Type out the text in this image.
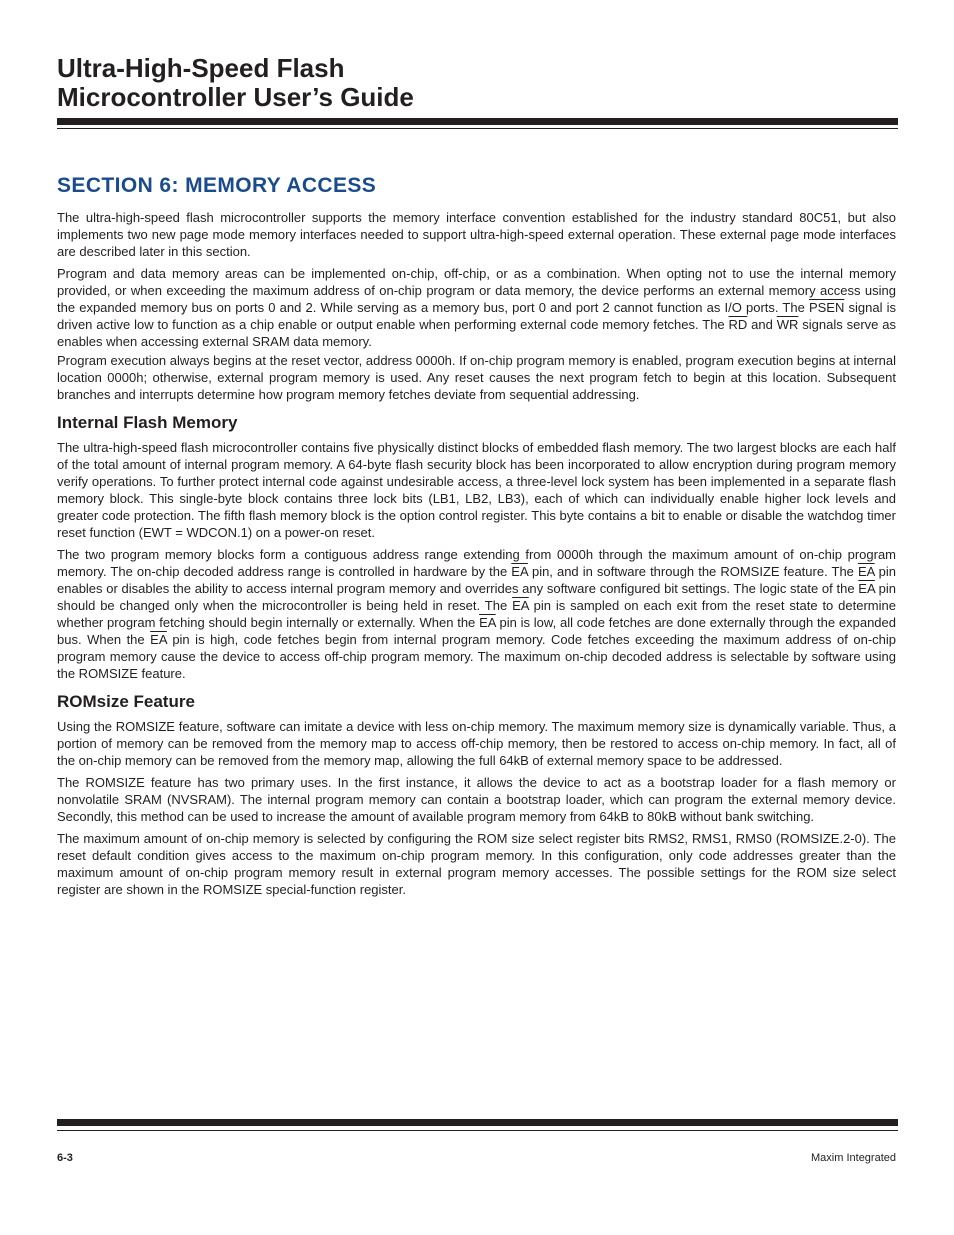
Ultra-High-Speed Flash
Microcontroller User’s Guide
SECTION 6: MEMORY ACCESS

The ultra-high-speed flash microcontroller supports the memory interface convention established for the industry standard 80C51, but also implements two new page mode memory interfaces needed to support ultra-high-speed external operation. These external page mode interfaces are described later in this section.

Program and data memory areas can be implemented on-chip, off-chip, or as a combination. When opting not to use the internal memory provided, or when exceeding the maximum address of on-chip program or data memory, the device performs an external memory access using the expanded memory bus on ports 0 and 2. While serving as a memory bus, port 0 and port 2 cannot function as I/O ports. The PSEN signal is driven active low to function as a chip enable or output enable when performing external code memory fetches. The $\overline{RD}$ and $\overline{WR}$ signals serve as enables when accessing external SRAM data memory.

Program execution always begins at the reset vector, address 0000h. If on-chip program memory is enabled, program execution begins at internal location 0000h; otherwise, external program memory is used. Any reset causes the next program fetch to begin at this location. Subsequent branches and interrupts determine how program memory fetches deviate from sequential addressing.

Internal Flash Memory

The ultra-high-speed flash microcontroller contains five physically distinct blocks of embedded flash memory. The two largest blocks are each half of the total amount of internal program memory. A 64-byte flash security block has been incorporated to allow encryption during program memory verify operations. To further protect internal code against undesirable access, a three-level lock system has been implemented in a separate flash memory block. This single-byte block contains three lock bits (LB1, LB2, LB3), each of which can individually enable higher lock levels and greater code protection. The fifth flash memory block is the option control register. This byte contains a bit to enable or disable the watchdog timer reset function (EWT = WDCON.1) on a power-on reset.

The two program memory blocks form a contiguous address range extending from 0000h through the maximum amount of on-chip program memory. The on-chip decoded address range is controlled in hardware by the $\overline{EA}$ pin, and in software through the ROMSIZE feature. The $\overline{EA}$ pin enables or disables the ability to access internal program memory and overrides any software configured bit settings. The logic state of the $\overline{EA}$ pin should be changed only when the microcontroller is being held in reset. The $\overline{EA}$ pin is sampled on each exit from the reset state to determine whether program fetching should begin internally or externally. When the $\overline{EA}$ pin is low, all code fetches are done externally through the expanded bus. When the $\overline{EA}$ pin is high, code fetches begin from internal program memory. Code fetches exceeding the maximum address of on-chip program memory cause the device to access off-chip program memory. The maximum on-chip decoded address is selectable by software using the ROMSIZE feature.

ROMsize Feature

Using the ROMSIZE feature, software can imitate a device with less on-chip memory. The maximum memory size is dynamically variable. Thus, a portion of memory can be removed from the memory map to access off-chip memory, then be restored to access on-chip memory. In fact, all of the on-chip memory can be removed from the memory map, allowing the full 64kB of external memory space to be addressed.

The ROMSIZE feature has two primary uses. In the first instance, it allows the device to act as a bootstrap loader for a flash memory or nonvolatile SRAM (NVSRAM). The internal program memory can contain a bootstrap loader, which can program the external memory device. Secondly, this method can be used to increase the amount of available program memory from 64kB to 80kB without bank switching.

The maximum amount of on-chip memory is selected by configuring the ROM size select register bits RMS2, RMS1, RMS0 (ROMSIZE.2-0). The reset default condition gives access to the maximum on-chip program memory. In this configuration, only code addresses greater than the maximum amount of on-chip program memory result in external program memory accesses. The possible settings for the ROM size select register are shown in the ROMSIZE special-function register.

6-3	Maxim Integrated
